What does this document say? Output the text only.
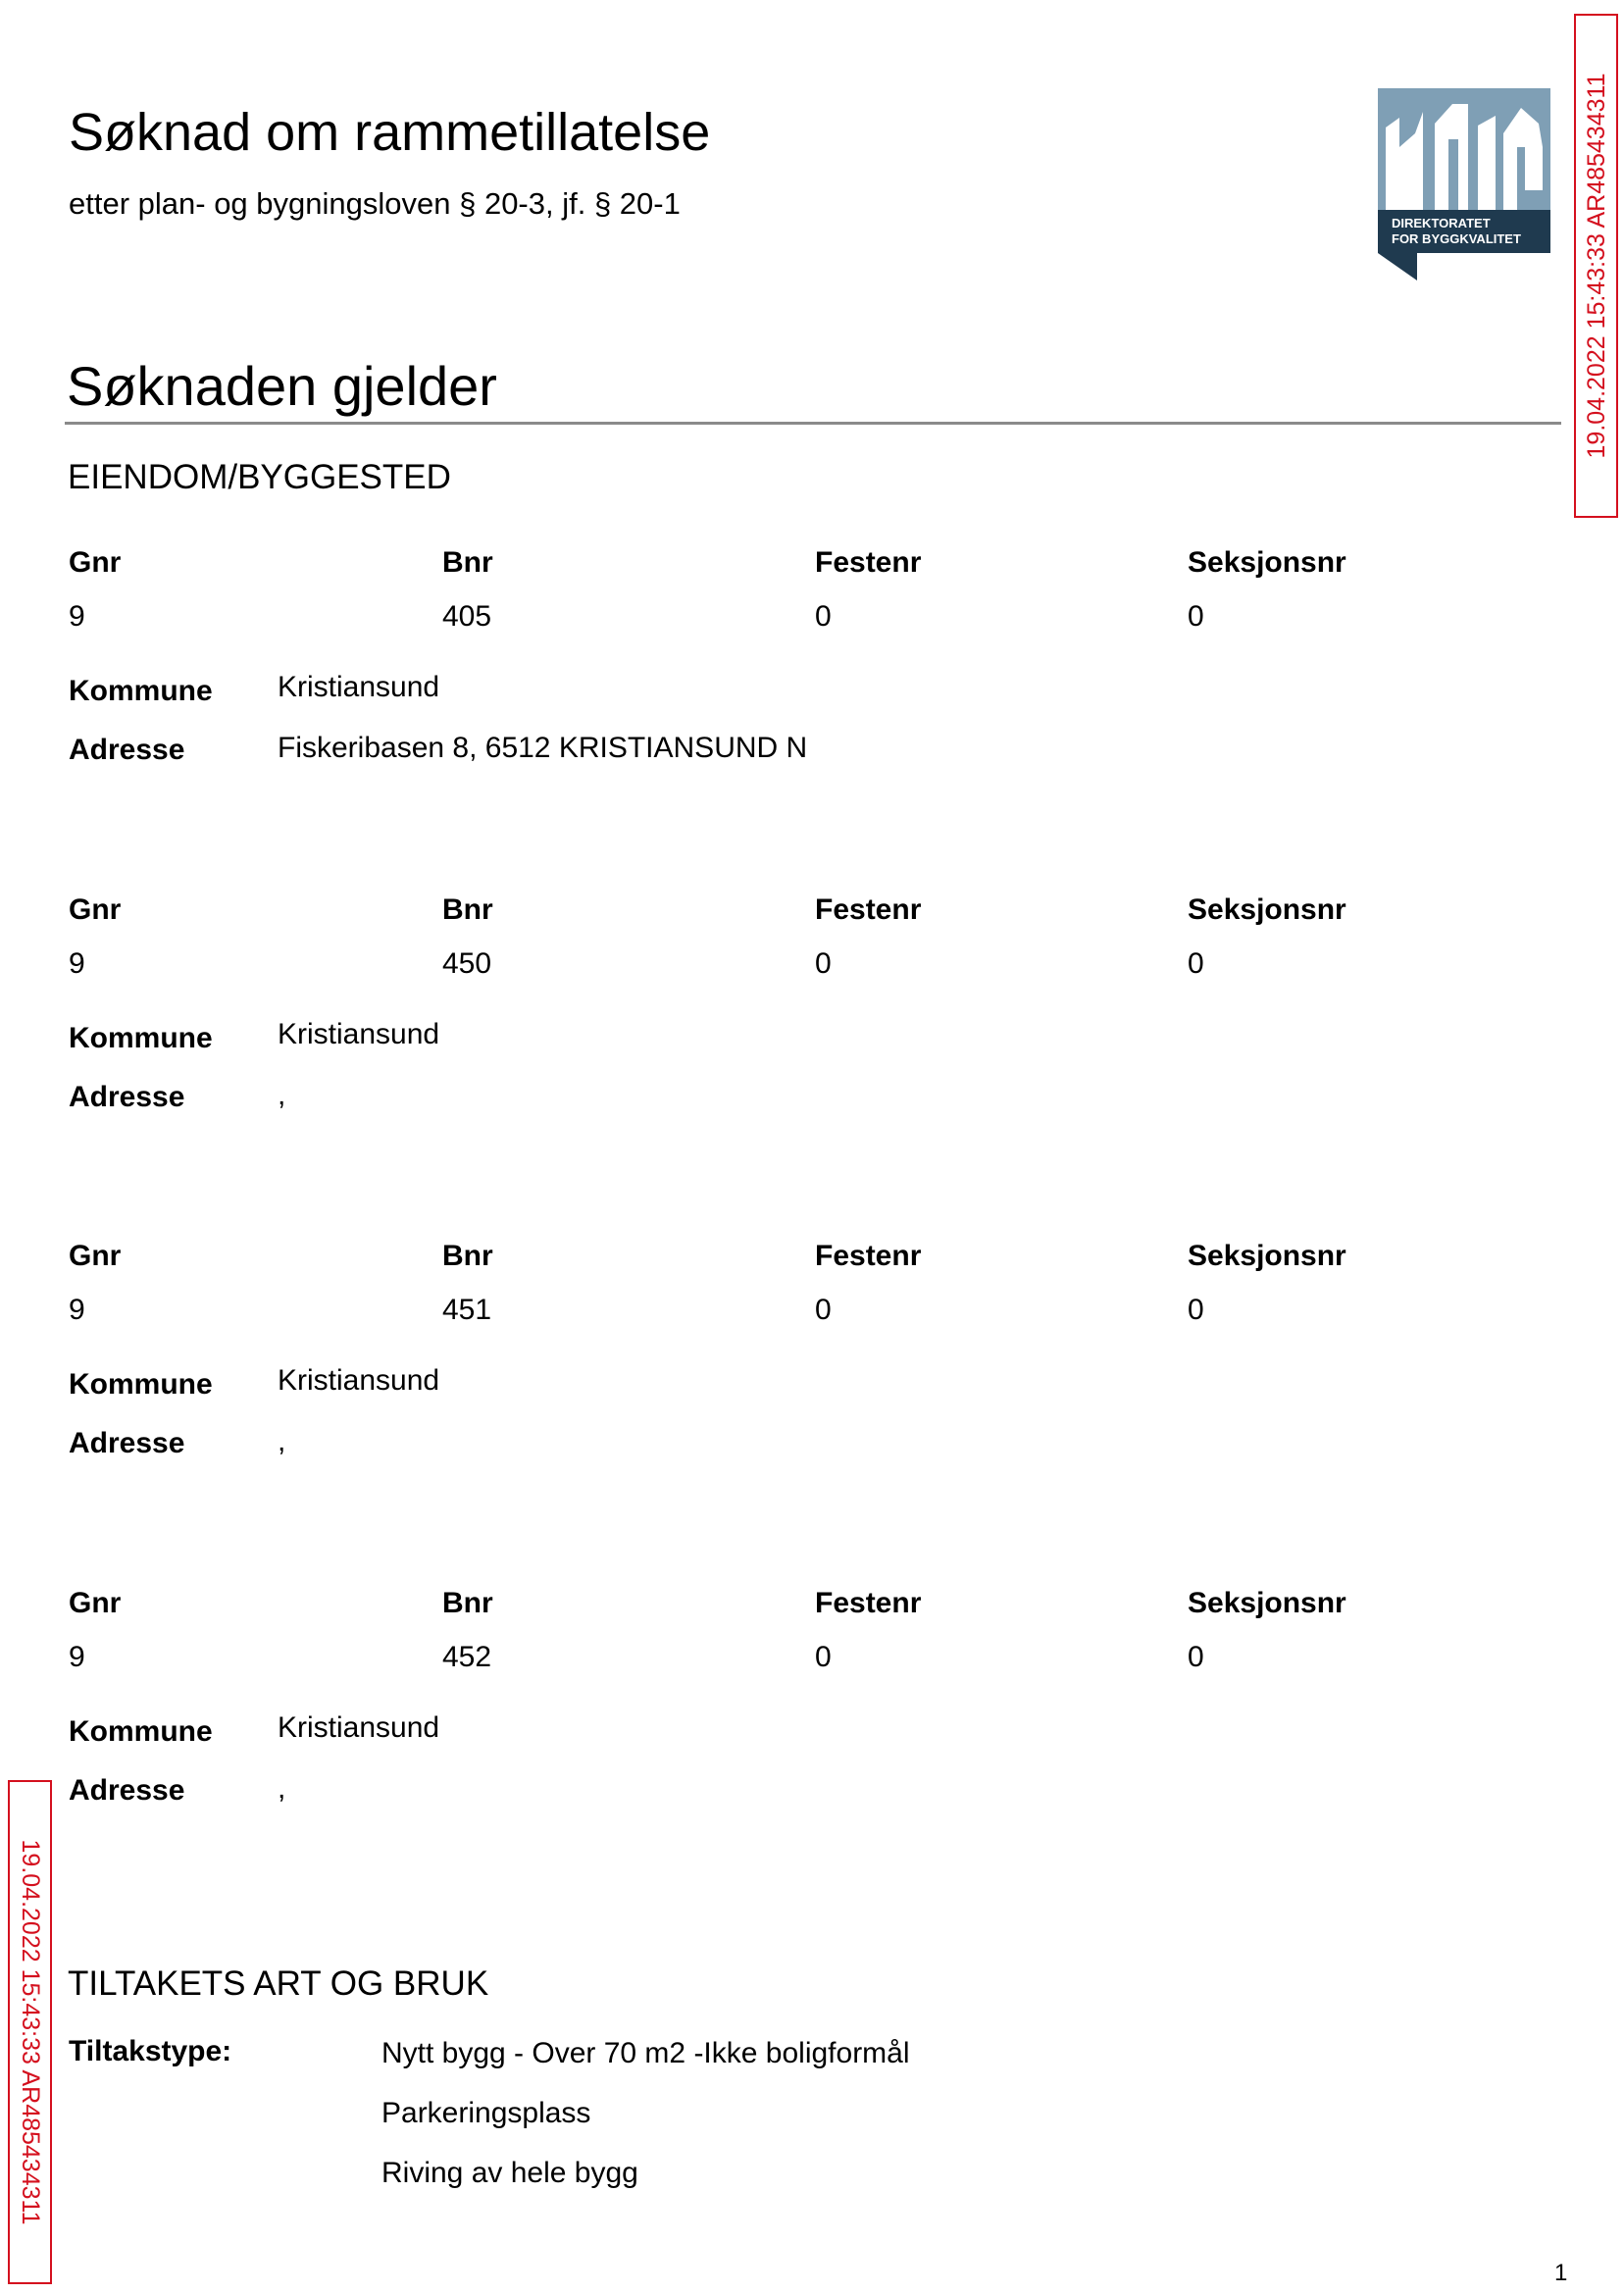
Søknad om rammetillatelse
etter plan- og bygningsloven § 20-3, jf. § 20-1
DIREKTORATET
FOR BYGGKVALITET
Søknaden gjelder
EIENDOM/BYGGESTED
Gnr	Bnr	Festenr	Seksjonsnr
9	405	0	0
Kommune Kristiansund
Adresse	Fiskeribasen 8, 6512 KRISTIANSUND N
Gnr	Bnr	Festenr	Seksjonsnr
9	450	0	0
Kommune Kristiansund
Adresse	,
Gnr	Bnr	Festenr	Seksjonsnr
9	451	0	0
Kommune Kristiansund
Adresse	,
Gnr	Bnr	Festenr	Seksjonsnr
9	452	0	0
Kommune Kristiansund
Adresse	,
TILTAKETS ART OG BRUK
Tiltakstype:	Nytt bygg - Over 70 m2 -Ikke boligformål
Parkeringsplass
Riving av hele bygg
19.04.2022 15:43:33 AR485434311
19.04.2022 15:43:33 AR485434311
1
